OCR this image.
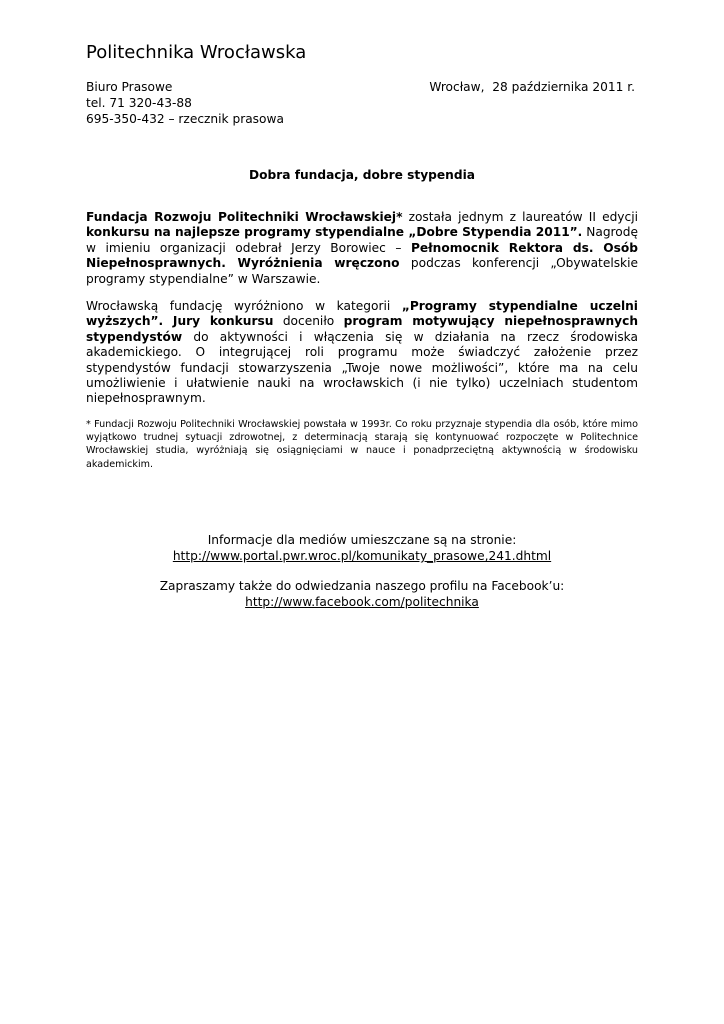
Politechnika Wrocławska
Biuro Prasowe
tel. 71 320-43-88
695-350-432 – rzecznik prasowa
Wrocław,  28 października 2011 r.
Dobra fundacja, dobre stypendia

Fundacja Rozwoju Politechniki Wrocławskiej* została jednym z laureatów II edycji konkursu na najlepsze programy stypendialne „Dobre Stypendia 2011”. Nagrodę w imieniu organizacji odebrał Jerzy Borowiec – Pełnomocnik Rektora ds. Osób Niepełnosprawnych. Wyróżnienia wręczono podczas konferencji „Obywatelskie programy stypendialne” w Warszawie.

Wrocławską fundację wyróżniono w kategorii „Programy stypendialne uczelni wyższych”. Jury konkursu doceniło program motywujący niepełnosprawnych stypendystów do aktywności i włączenia się w działania na rzecz środowiska akademickiego. O integrującej roli programu może świadczyć założenie przez stypendystów fundacji stowarzyszenia „Twoje nowe możliwości”, które ma na celu umożliwienie i ułatwienie nauki na wrocławskich (i nie tylko) uczelniach studentom niepełnosprawnym.

* Fundacji Rozwoju Politechniki Wrocławskiej powstała w 1993r. Co roku przyznaje stypendia dla osób, które mimo wyjątkowo trudnej sytuacji zdrowotnej, z determinacją starają się kontynuować rozpoczęte w Politechnice Wrocławskiej studia, wyróżniają się osiągnięciami w nauce i ponadprzeciętną aktywnością w środowisku akademickim.

Informacje dla mediów umieszczane są na stronie:
http://www.portal.pwr.wroc.pl/komunikaty_prasowe,241.dhtml
Zapraszamy także do odwiedzania naszego profilu na Facebook’u:
http://www.facebook.com/politechnika
